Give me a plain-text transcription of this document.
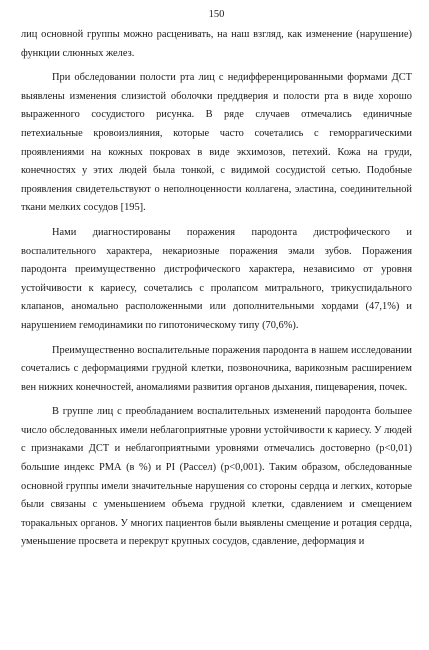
150

лиц основной группы можно расценивать, на наш взгляд, как изменение (нарушение) функции слюнных желез.

При обследовании полости рта лиц с недифференцированными формами ДСТ выявлены изменения слизистой оболочки преддверия и полости рта в виде хорошо выраженного сосудистого рисунка. В ряде случаев отмечались единичные петехиальные кровоизлияния, которые часто сочетались с геморрагическими проявлениями на кожных покровах в виде экхимозов, петехий. Кожа на груди, конечностях у этих людей была тонкой, с видимой сосудистой сетью. Подобные проявления свидетельствуют о неполноценности коллагена, эластина, соединительной ткани мелких сосудов [195].

Нами диагностированы поражения пародонта дистрофического и воспалительного характера, некариозные поражения эмали зубов. Поражения пародонта преимущественно дистрофического характера, независимо от уровня устойчивости к кариесу, сочетались с пролапсом митрального, трикуспидального клапанов, аномально расположенными или дополнительными хордами (47,1%) и нарушением гемодинамики по гипотоническому типу (70,6%).

Преимущественно воспалительные поражения пародонта в нашем исследовании сочетались с деформациями грудной клетки, позвоночника, варикозным расширением вен нижних конечностей, аномалиями развития органов дыхания, пищеварения, почек.

В группе лиц с преобладанием воспалительных изменений пародонта большее число обследованных имели неблагоприятные уровни устойчивости к кариесу. У людей с признаками ДСТ и неблагоприятными уровнями отмечались достоверно (p<0,01) большие индекс РМА (в %) и PI (Рассел) (p<0,001). Таким образом, обследованные основной группы имели значительные нарушения со стороны сердца и легких, которые были связаны с уменьшением объема грудной клетки, сдавлением и смещением торакальных органов. У многих пациентов были выявлены смещение и ротация сердца, уменьшение просвета и перекрут крупных сосудов, сдавление, деформация и
